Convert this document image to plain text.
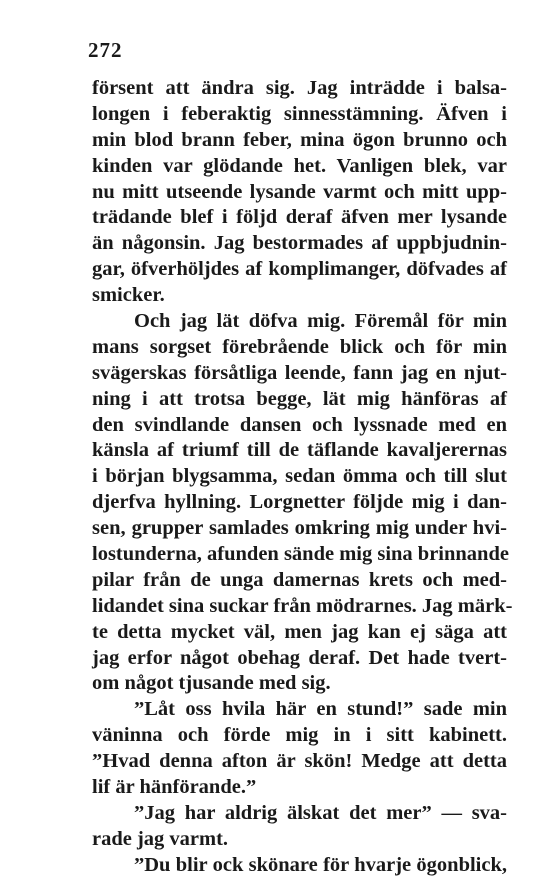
272
försent att ändra sig. Jag inträdde i balsa-
longen i feberaktig sinnesstämning. Äfven i
min blod brann feber, mina ögon brunno och
kinden var glödande het. Vanligen blek, var
nu mitt utseende lysande varmt och mitt upp-
trädande blef i följd deraf äfven mer lysande
än någonsin. Jag bestormades af uppbjudnin-
gar, öfverhöljdes af komplimanger, döfvades af
smicker.
Och jag lät döfva mig. Föremål för min
mans sorgset förebrående blick och för min
svägerskas försåtliga leende, fann jag en njut-
ning i att trotsa begge, lät mig hänföras af
den svindlande dansen och lyssnade med en
känsla af triumf till de täflande kavaljerernas
i början blygsamma, sedan ömma och till slut
djerfva hyllning. Lorgnetter följde mig i dan-
sen, grupper samlades omkring mig under hvi-
lostunderna, afunden sände mig sina brinnande
pilar från de unga damernas krets och med-
lidandet sina suckar från mödrarnes. Jag märk-
te detta mycket väl, men jag kan ej säga att
jag erfor något obehag deraf. Det hade tvert-
om något tjusande med sig.
”Låt oss hvila här en stund!” sade min
väninna och förde mig in i sitt kabinett.
”Hvad denna afton är skön! Medge att detta
lif är hänförande.”
”Jag har aldrig älskat det mer” — sva-
rade jag varmt.
”Du blir ock skönare för hvarje ögonblick,
